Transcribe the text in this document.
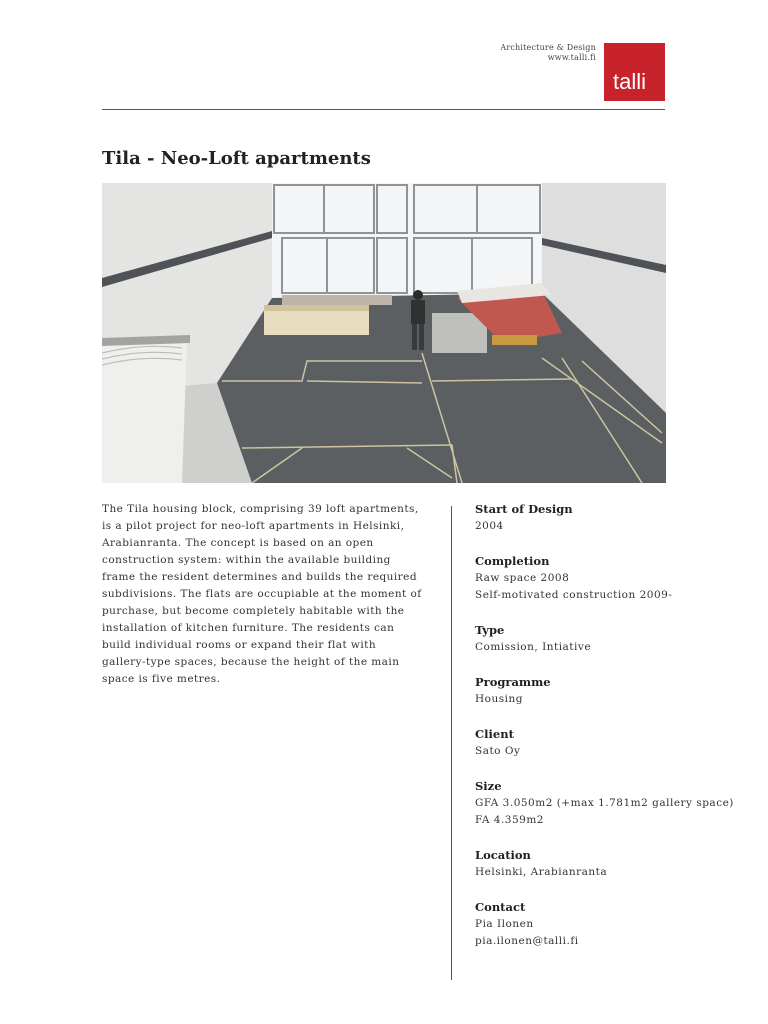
Architecture & Design
www.talli.fi
talli
Tila - Neo-Loft apartments

The Tila housing block, comprising 39 loft apartments, is a pilot project for neo-loft apartments in Helsinki, Arabianranta. The concept is based on an open construction system: within the available building frame the resident determines and builds the required subdivisions. The flats are occupiable at the moment of purchase, but become completely habitable with the installation of kitchen furniture. The residents can build individual rooms or expand their flat with gallery-type spaces, because the height of the main space is five metres.

Start of Design
2004
Completion
Raw space 2008
Self-motivated construction 2009-
Type
Comission, Intiative
Programme
Housing
Client
Sato Oy
Size
GFA 3.050m2 (+max 1.781m2 gallery space)
FA 4.359m2
Location
Helsinki, Arabianranta
Contact
Pia Ilonen
pia.ilonen@talli.fi
